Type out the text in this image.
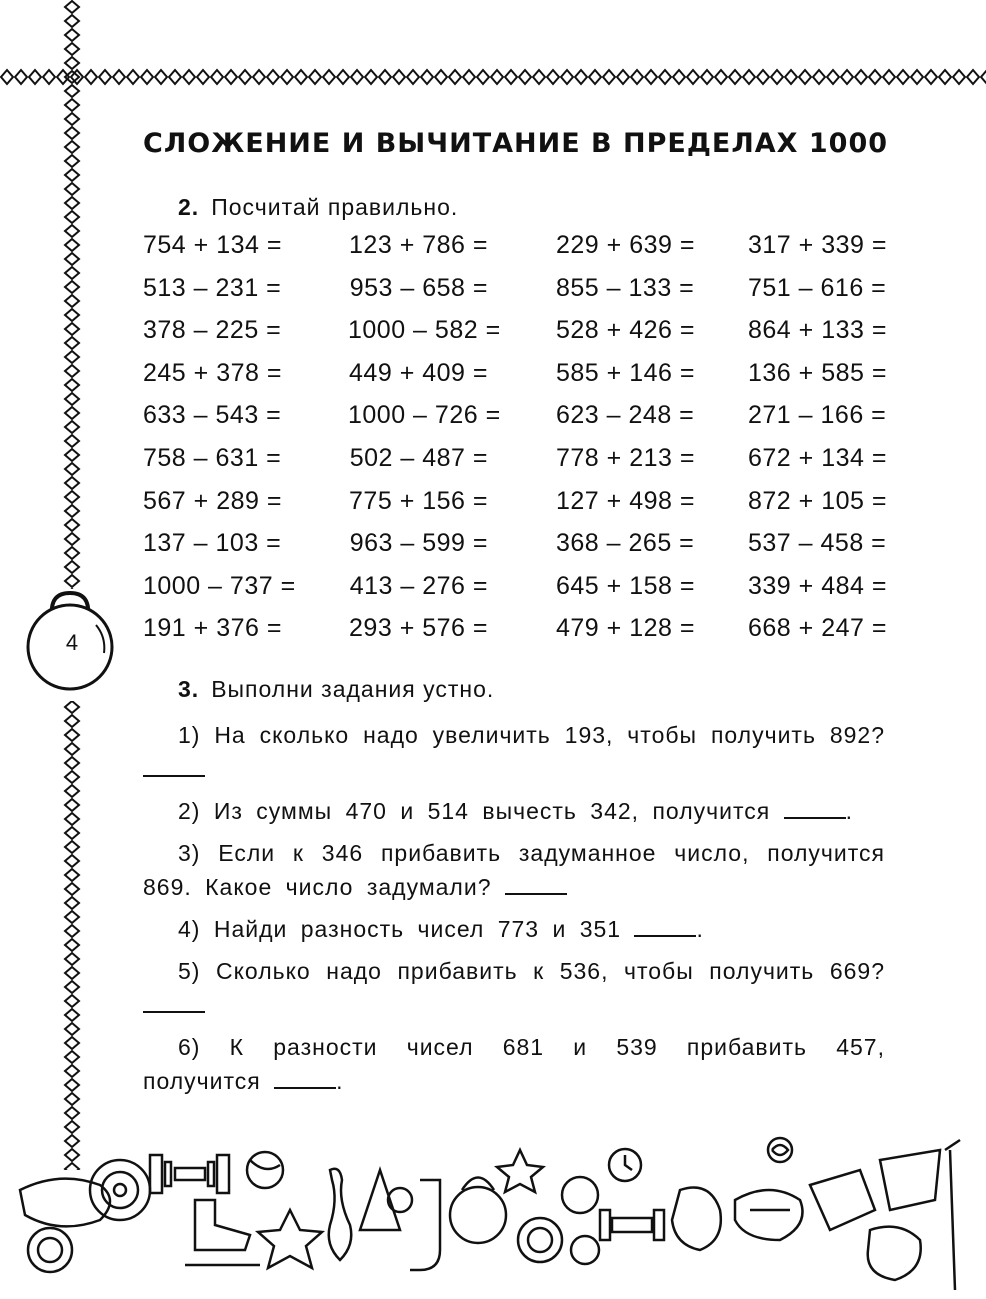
4
СЛОЖЕНИЕ И ВЫЧИТАНИЕ В ПРЕДЕЛАХ 1000
2. Посчитай правильно.
754 + 134 =	123 + 786 =	229 + 639 =	317 + 339 =
513 – 231 =	953 – 658 =	855 – 133 =	751 – 616 =
378 – 225 =	1000 – 582 =	528 + 426 =	864 + 133 =
245 + 378 =	449 + 409 =	585 + 146 =	136 + 585 =
633 – 543 =	1000 – 726 =	623 – 248 =	271 – 166 =
758 – 631 =	502 – 487 =	778 + 213 =	672 + 134 =
567 + 289 =	775 + 156 =	127 + 498 =	872 + 105 =
137 – 103 =	963 – 599 =	368 – 265 =	537 – 458 =
1000 – 737 =	413 – 276 =	645 + 158 =	339 + 484 =
191 + 376 =	293 + 576 =	479 + 128 =	668 + 247 =
3. Выполни задания устно.

1) На сколько надо увеличить 193, чтобы получить 892?

2) Из суммы 470 и 514 вычесть 342, получится	.

3) Если к 346 прибавить задуманное число, получится 869. Какое число задумали?

4) Найди разность чисел 773 и 351	.

5) Сколько надо прибавить к 536, чтобы получить 669?

6) К разности чисел 681 и 539 прибавить 457, получится	.
